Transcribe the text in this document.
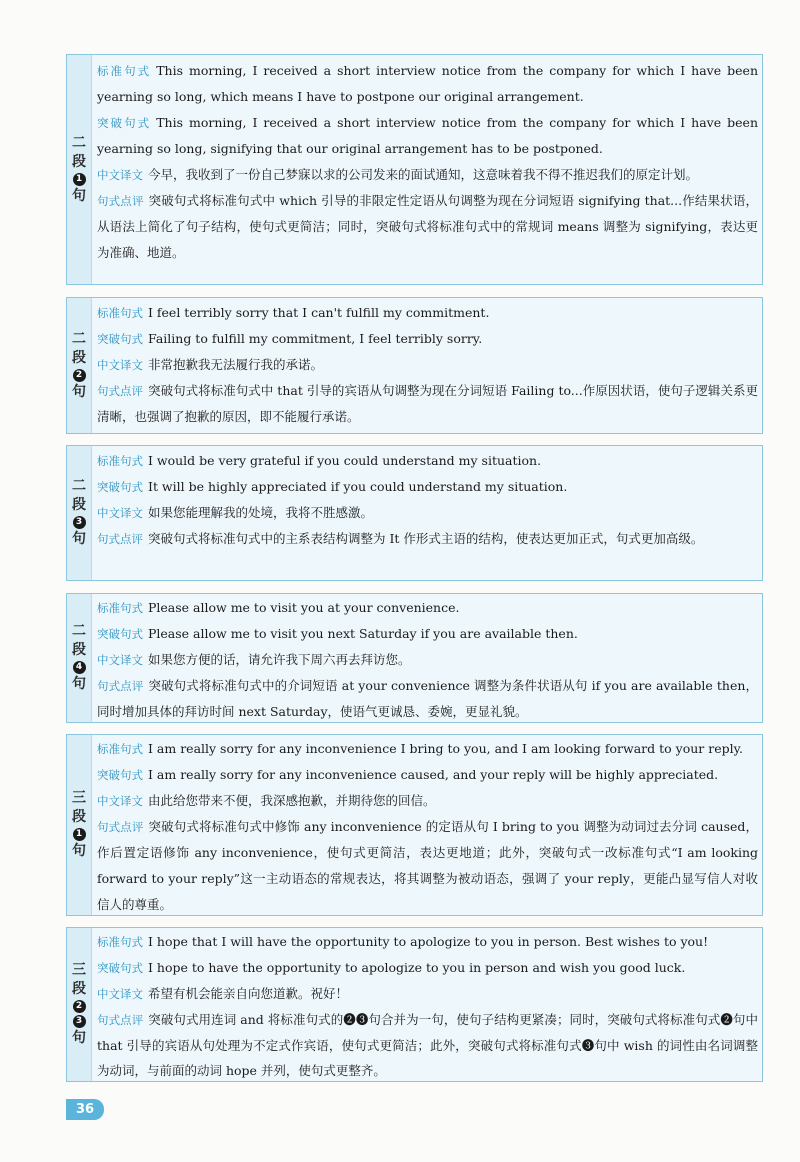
二
段
1
句

标准句式 This morning, I received a short interview notice from the company for which I have been yearning so long, which means I have to postpone our original arrangement.

突破句式 This morning, I received a short interview notice from the company for which I have been yearning so long, signifying that our original arrangement has to be postponed.

中文译文 今早，我收到了一份自己梦寐以求的公司发来的面试通知，这意味着我不得不推迟我们的原定计划。

句式点评 突破句式将标准句式中 which 引导的非限定性定语从句调整为现在分词短语 signifying that...作结果状语，从语法上简化了句子结构，使句式更简洁；同时，突破句式将标准句式中的常规词 means 调整为 signifying，表达更为准确、地道。

二
段
2
句

标准句式 I feel terribly sorry that I can't fulfill my commitment.

突破句式 Failing to fulfill my commitment, I feel terribly sorry.

中文译文 非常抱歉我无法履行我的承诺。

句式点评 突破句式将标准句式中 that 引导的宾语从句调整为现在分词短语 Failing to...作原因状语，使句子逻辑关系更清晰，也强调了抱歉的原因，即不能履行承诺。

二
段
3
句

标准句式 I would be very grateful if you could understand my situation.

突破句式 It will be highly appreciated if you could understand my situation.

中文译文 如果您能理解我的处境，我将不胜感激。

句式点评 突破句式将标准句式中的主系表结构调整为 It 作形式主语的结构，使表达更加正式，句式更加高级。

二
段
4
句

标准句式 Please allow me to visit you at your convenience.

突破句式 Please allow me to visit you next Saturday if you are available then.

中文译文 如果您方便的话，请允许我下周六再去拜访您。

句式点评 突破句式将标准句式中的介词短语 at your convenience 调整为条件状语从句 if you are available then，同时增加具体的拜访时间 next Saturday，使语气更诚恳、委婉，更显礼貌。

三
段
1
句

标准句式 I am really sorry for any inconvenience I bring to you, and I am looking forward to your reply.

突破句式 I am really sorry for any inconvenience caused, and your reply will be highly appreciated.

中文译文 由此给您带来不便，我深感抱歉，并期待您的回信。

句式点评 突破句式将标准句式中修饰 any inconvenience 的定语从句 I bring to you 调整为动词过去分词 caused，作后置定语修饰 any inconvenience，使句式更简洁，表达更地道；此外，突破句式一改标准句式“I am looking forward to your reply”这一主动语态的常规表达，将其调整为被动语态，强调了 your reply，更能凸显写信人对收信人的尊重。

三
段
2
3
句

标准句式 I hope that I will have the opportunity to apologize to you in person. Best wishes to you!

突破句式 I hope to have the opportunity to apologize to you in person and wish you good luck.

中文译文 希望有机会能亲自向您道歉。祝好！

句式点评 突破句式用连词 and 将标准句式的❷❸句合并为一句，使句子结构更紧凑；同时，突破句式将标准句式❷句中 that 引导的宾语从句处理为不定式作宾语，使句式更简洁；此外，突破句式将标准句式❸句中 wish 的词性由名词调整为动词，与前面的动词 hope 并列，使句式更整齐。

36
